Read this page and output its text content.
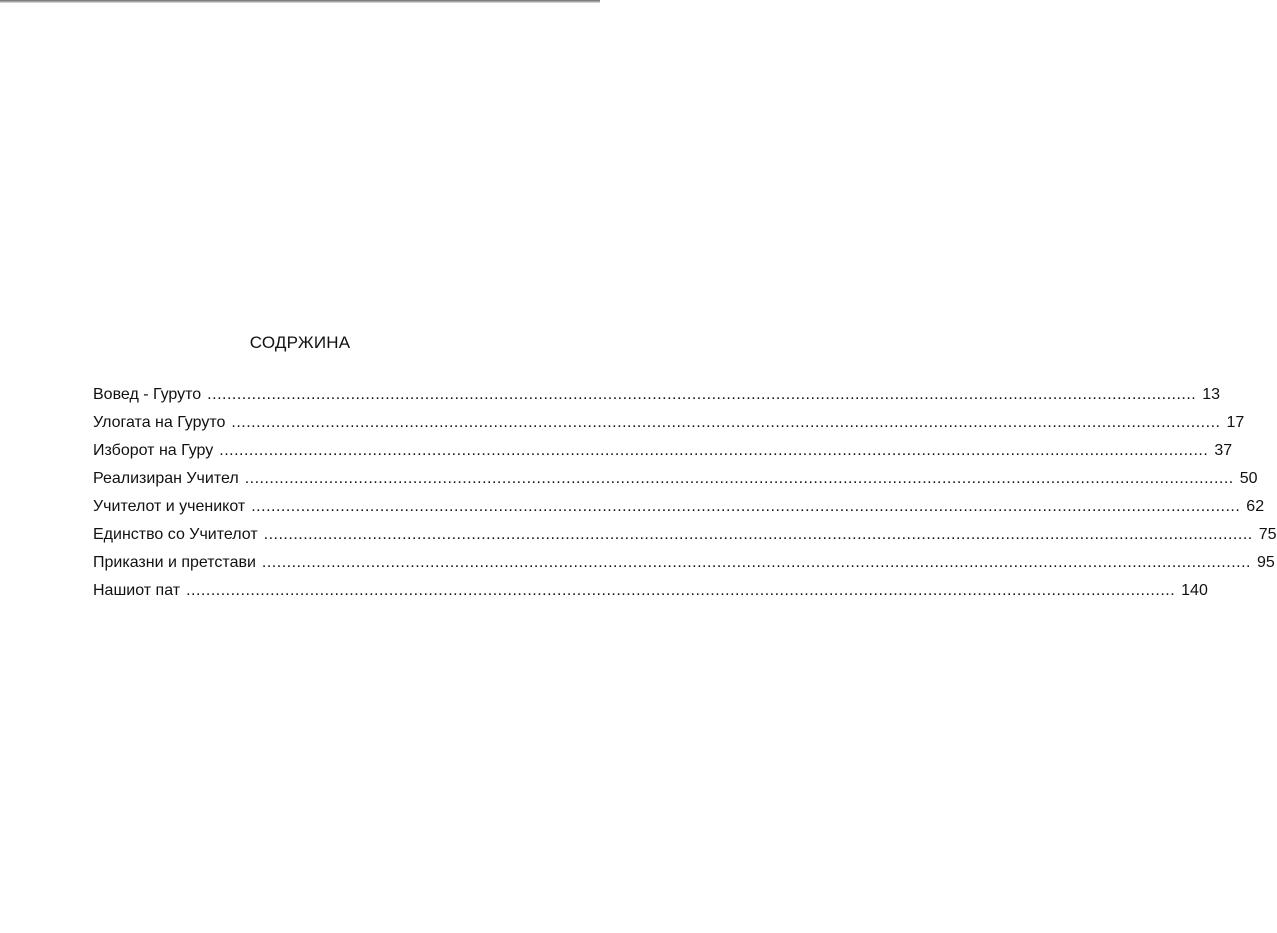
СОДРЖИНА
Вовед - Гуруто ........................................................................................................................................................................................................ 13
Улогата на Гуруто ........................................................................................................................................................................................................ 17
Изборот на Гуру ........................................................................................................................................................................................................ 37
Реализиран Учител ........................................................................................................................................................................................................ 50
Учителот и ученикот ........................................................................................................................................................................................................ 62
Единство со Учителот ........................................................................................................................................................................................................ 75
Приказни и претстави ........................................................................................................................................................................................................ 95
Нашиот пат ........................................................................................................................................................................................................ 140
